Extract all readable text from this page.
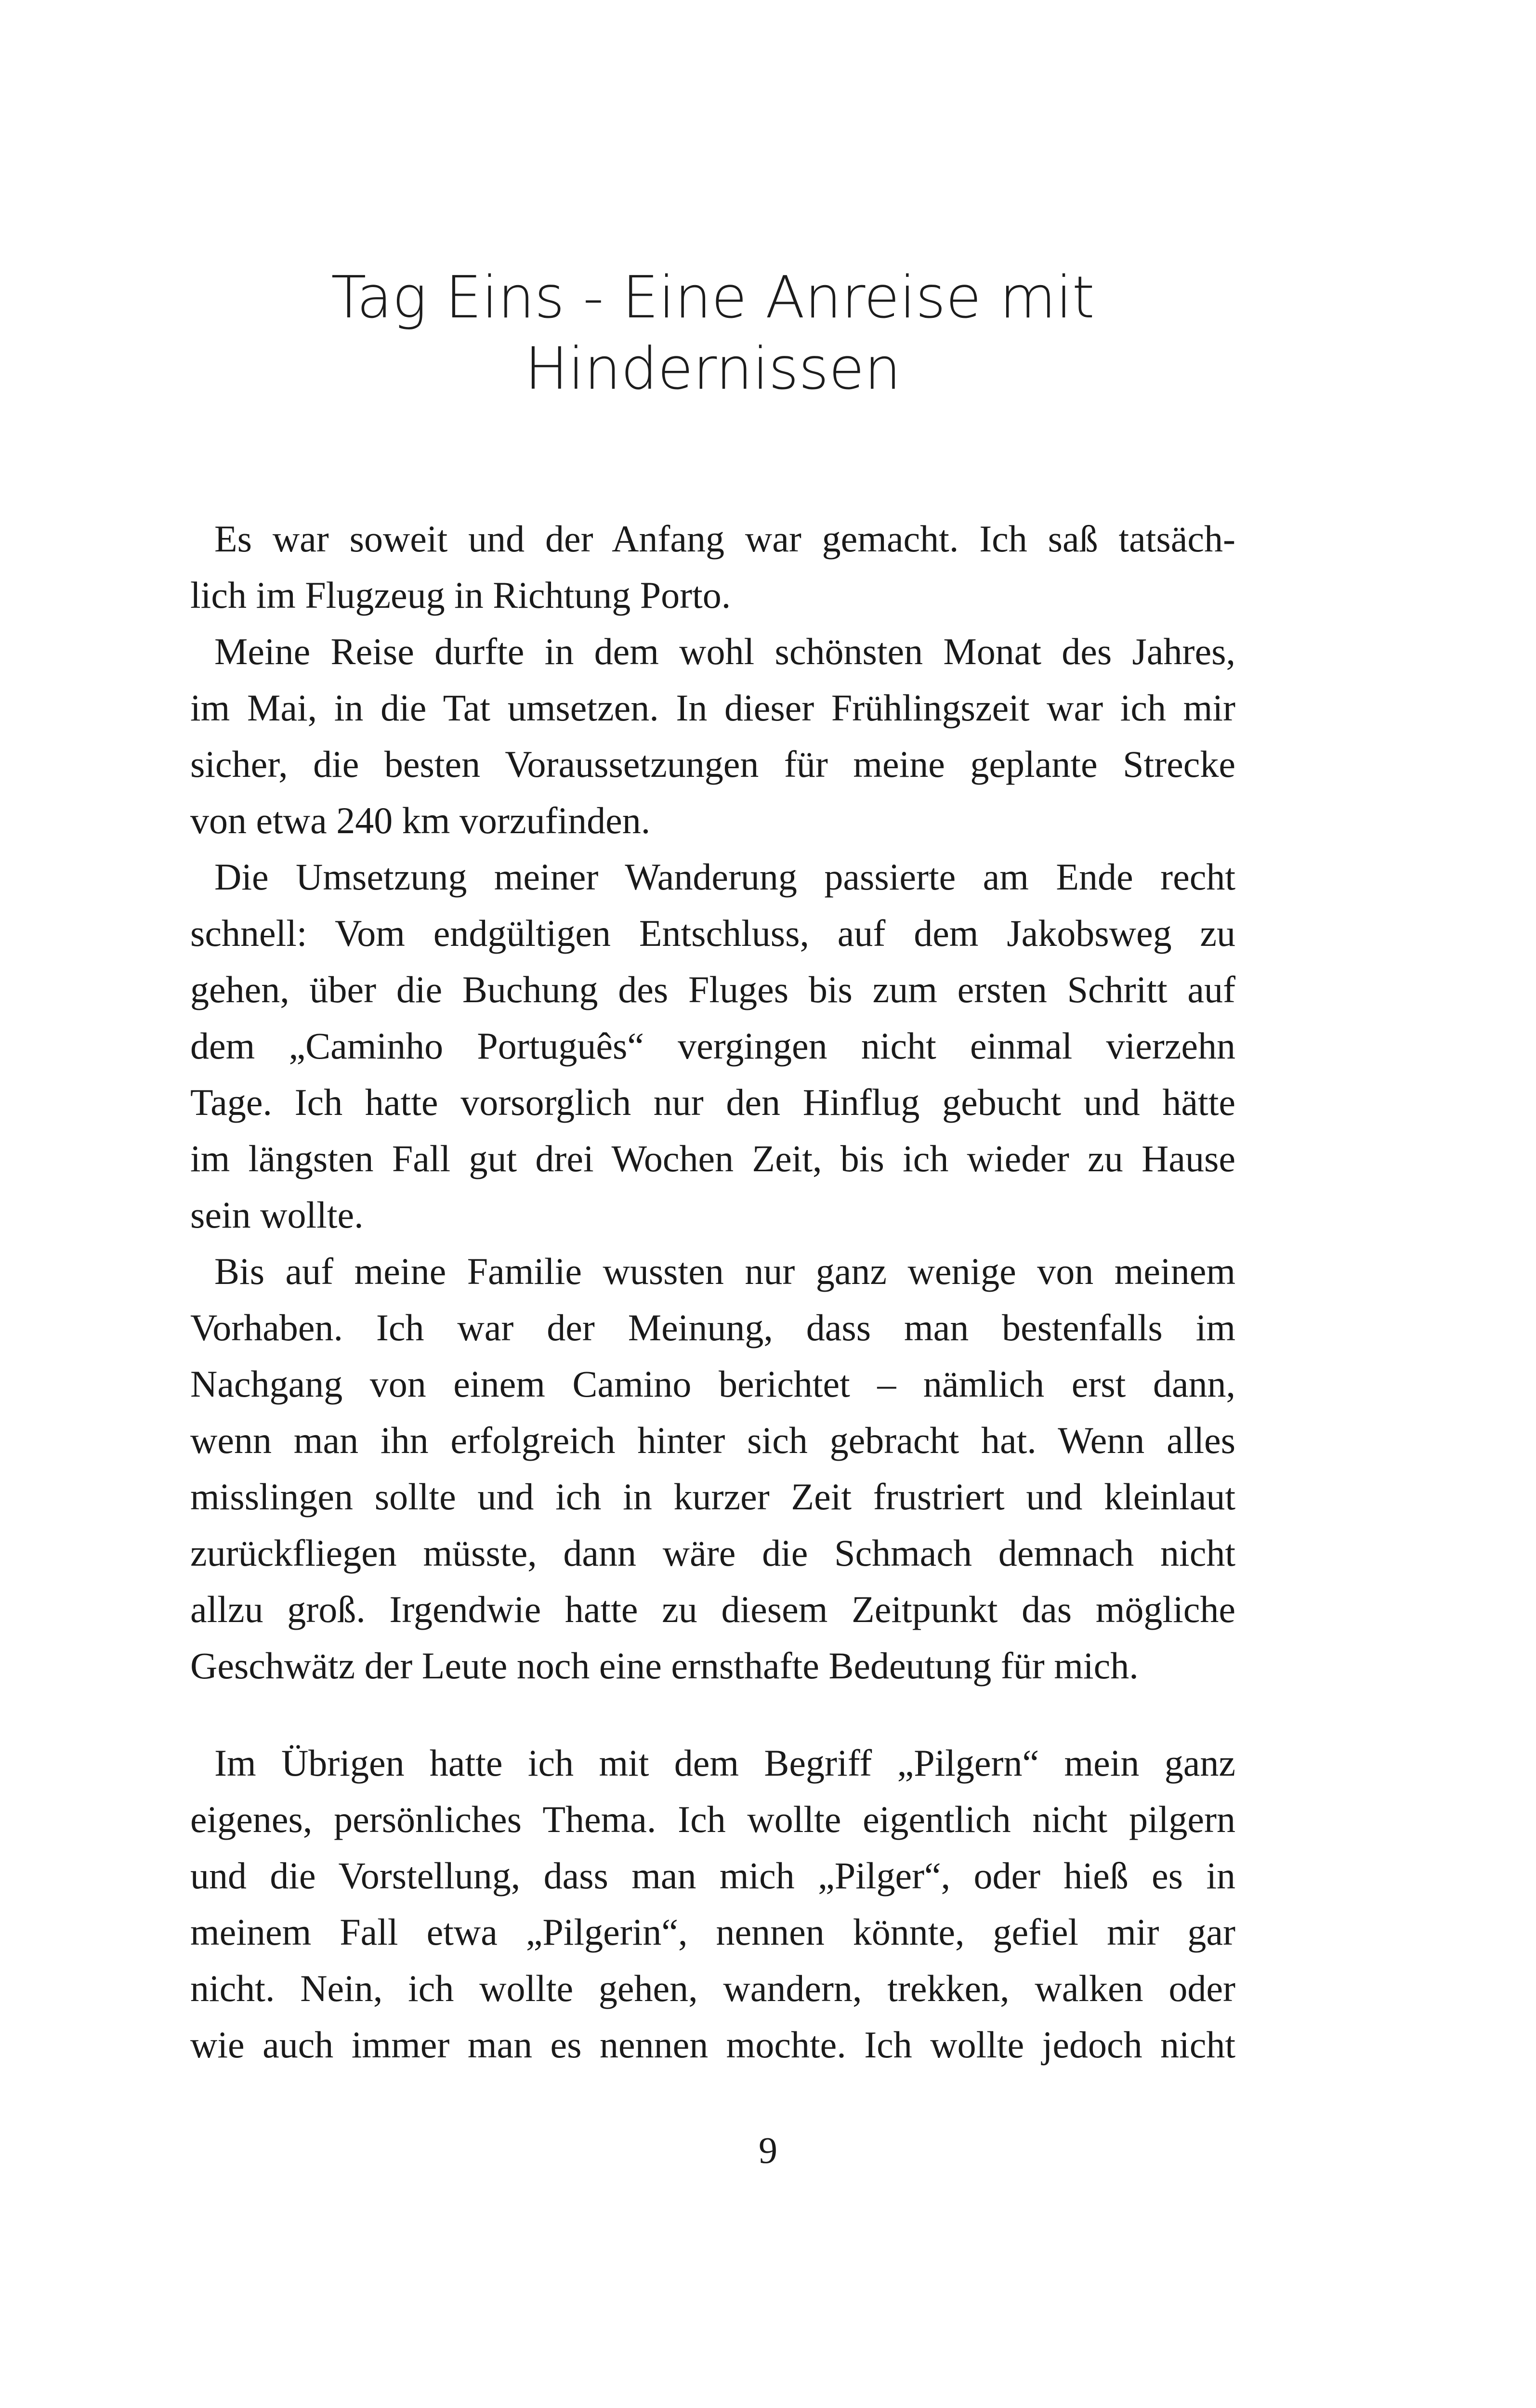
Tag Eins - Eine Anreise mit
Hindernissen
Es war soweit und der Anfang war gemacht. Ich saß tatsäch-
lich im Flugzeug in Richtung Porto.
Meine Reise durfte in dem wohl schönsten Monat des Jahres,
im Mai, in die Tat umsetzen. In dieser Frühlingszeit war ich mir
sicher, die besten Voraussetzungen für meine geplante Strecke
von etwa 240 km vorzufinden.
Die Umsetzung meiner Wanderung passierte am Ende recht
schnell: Vom endgültigen Entschluss, auf dem Jakobsweg zu
gehen, über die Buchung des Fluges bis zum ersten Schritt auf
dem „Caminho Português“ vergingen nicht einmal vierzehn
Tage. Ich hatte vorsorglich nur den Hinflug gebucht und hätte
im längsten Fall gut drei Wochen Zeit, bis ich wieder zu Hause
sein wollte.
Bis auf meine Familie wussten nur ganz wenige von meinem
Vorhaben. Ich war der Meinung, dass man bestenfalls im
Nachgang von einem Camino berichtet – nämlich erst dann,
wenn man ihn erfolgreich hinter sich gebracht hat. Wenn alles
misslingen sollte und ich in kurzer Zeit frustriert und kleinlaut
zurückfliegen müsste, dann wäre die Schmach demnach nicht
allzu groß. Irgendwie hatte zu diesem Zeitpunkt das mögliche
Geschwätz der Leute noch eine ernsthafte Bedeutung für mich.
Im Übrigen hatte ich mit dem Begriff „Pilgern“ mein ganz
eigenes, persönliches Thema. Ich wollte eigentlich nicht pilgern
und die Vorstellung, dass man mich „Pilger“, oder hieß es in
meinem Fall etwa „Pilgerin“, nennen könnte, gefiel mir gar
nicht. Nein, ich wollte gehen, wandern, trekken, walken oder
wie auch immer man es nennen mochte. Ich wollte jedoch nicht
9
